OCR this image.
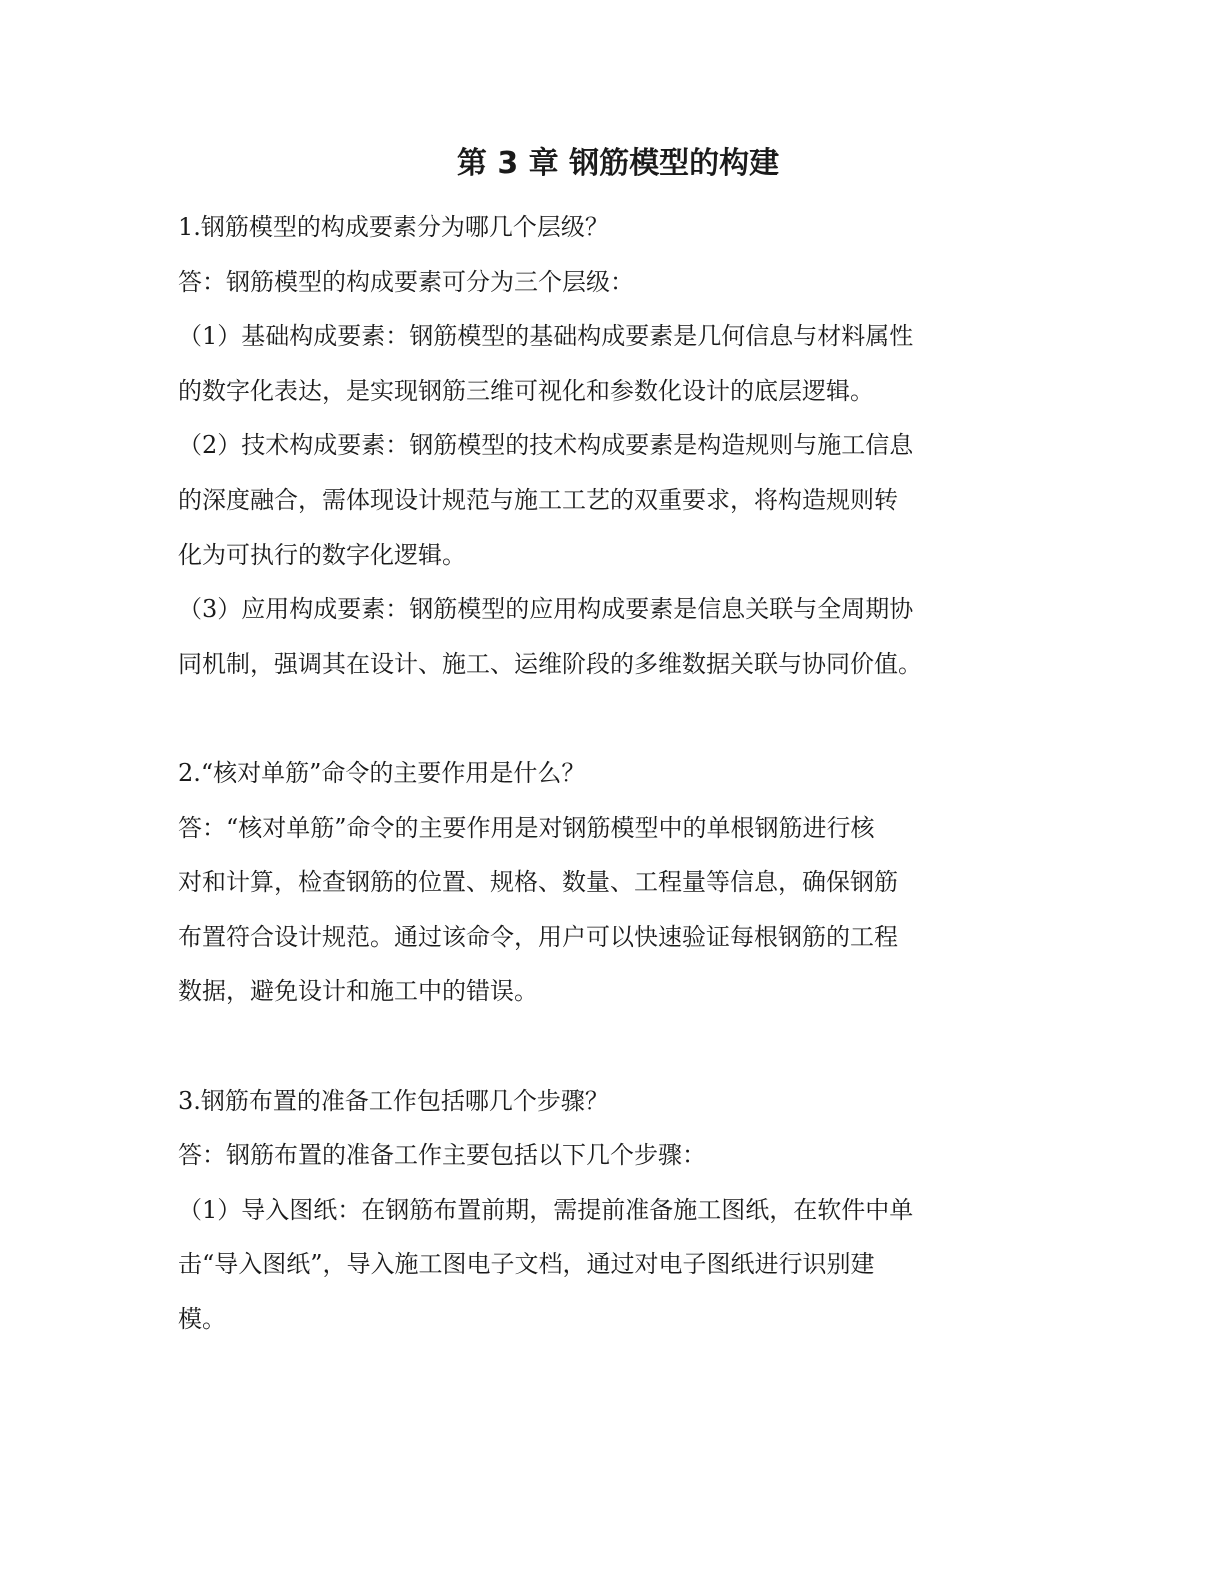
第 3 章 钢筋模型的构建
1.钢筋模型的构成要素分为哪几个层级？
答：钢筋模型的构成要素可分为三个层级：
（1）基础构成要素：钢筋模型的基础构成要素是几何信息与材料属性
的数字化表达，是实现钢筋三维可视化和参数化设计的底层逻辑。
（2）技术构成要素：钢筋模型的技术构成要素是构造规则与施工信息
的深度融合，需体现设计规范与施工工艺的双重要求，将构造规则转
化为可执行的数字化逻辑。
（3）应用构成要素：钢筋模型的应用构成要素是信息关联与全周期协
同机制，强调其在设计、施工、运维阶段的多维数据关联与协同价值。
2.“核对单筋”命令的主要作用是什么？
答：“核对单筋”命令的主要作用是对钢筋模型中的单根钢筋进行核
对和计算，检查钢筋的位置、规格、数量、工程量等信息，确保钢筋
布置符合设计规范。通过该命令，用户可以快速验证每根钢筋的工程
数据，避免设计和施工中的错误。
3.钢筋布置的准备工作包括哪几个步骤？
答：钢筋布置的准备工作主要包括以下几个步骤：
（1）导入图纸：在钢筋布置前期，需提前准备施工图纸，在软件中单
击“导入图纸”，导入施工图电子文档，通过对电子图纸进行识别建
模。
